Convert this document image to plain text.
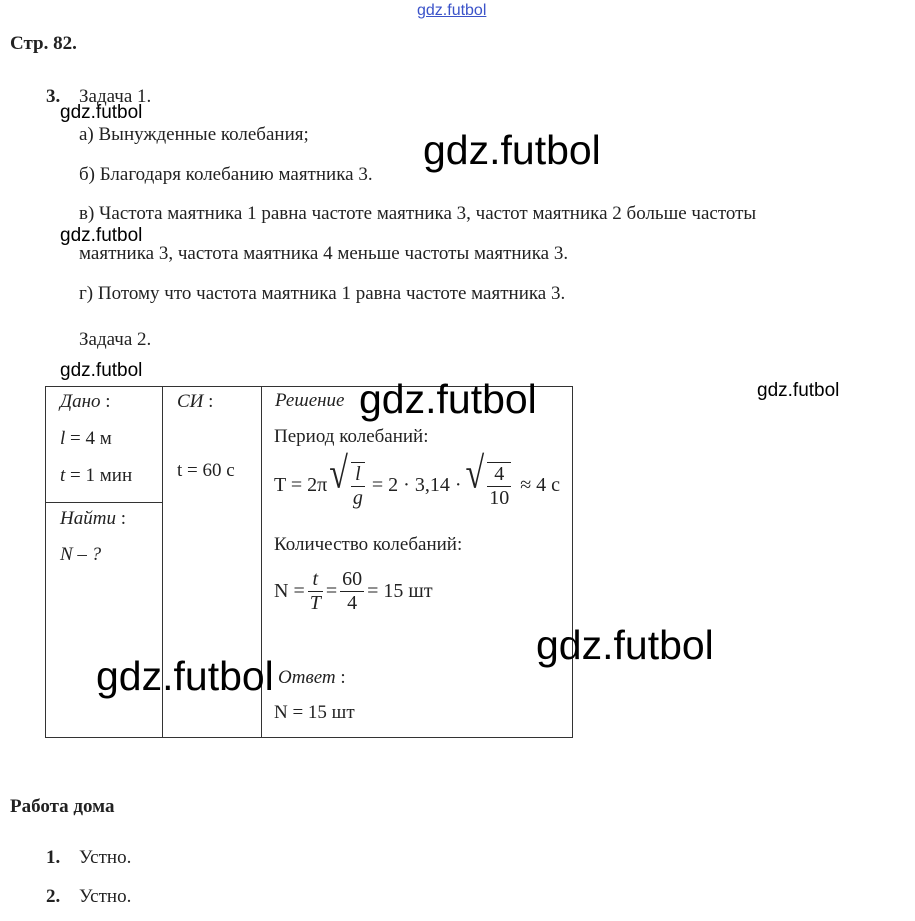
gdz.futbol
Стр. 82.
3. Задача 1.
а) Вынужденные колебания;
б) Благодаря колебанию маятника 3.
в) Частота маятника 1 равна частоте маятника 3, частот маятника 2 больше частоты
маятника 3, частота маятника 4 меньше частоты маятника 3.
г) Потому что частота маятника 1 равна частоте маятника 3.
Задача 2.
Дано :
l = 4 м
t = 1 мин
Найти :
N – ?
СИ :
t = 60 с
Решение
Период колебаний:
T = 2π √ $\frac{l}{g} = 2 \cdot 3,14$ · √ $\frac{4}{10} \approx 4$ с
Количество колебаний:
$N = \frac{t}{T} = \frac{60}{4} = 15$ шт
Ответ :
N = 15 шт
Работа дома
1. Устно.
2. Устно.
gdz.futbol
gdz.futbol
gdz.futbol
gdz.futbol
gdz.futbol	gdz.futbol
gdz.futbol
gdz.futbol
